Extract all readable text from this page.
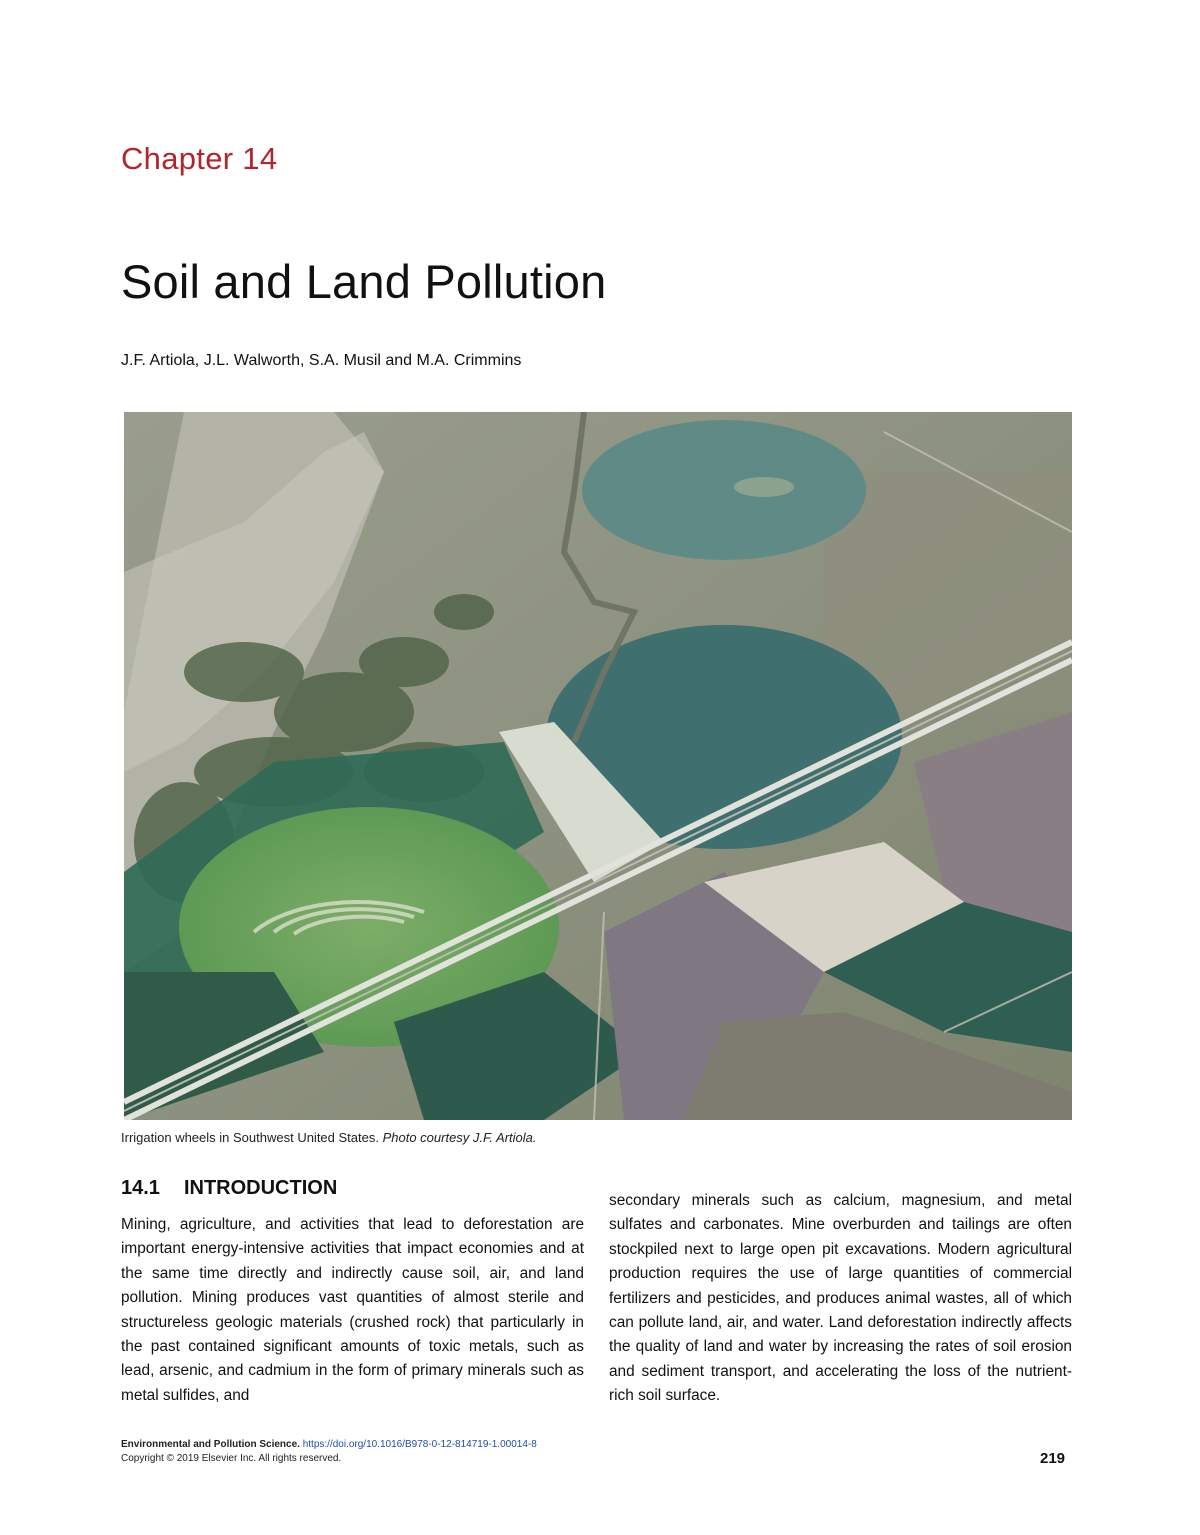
Chapter 14
Soil and Land Pollution
J.F. Artiola, J.L. Walworth, S.A. Musil and M.A. Crimmins
Irrigation wheels in Southwest United States. Photo courtesy J.F. Artiola.
14.1 INTRODUCTION

Mining, agriculture, and activities that lead to deforestation are important energy-intensive activities that impact economies and at the same time directly and indirectly cause soil, air, and land pollution. Mining produces vast quantities of almost sterile and structureless geologic materials (crushed rock) that particularly in the past contained significant amounts of toxic metals, such as lead, arsenic, and cadmium in the form of primary minerals such as metal sulfides, and

secondary minerals such as calcium, magnesium, and metal sulfates and carbonates. Mine overburden and tailings are often stockpiled next to large open pit excavations. Modern agricultural production requires the use of large quantities of commercial fertilizers and pesticides, and produces animal wastes, all of which can pollute land, air, and water. Land deforestation indirectly affects the quality of land and water by increasing the rates of soil erosion and sediment transport, and accelerating the loss of the nutrient-rich soil surface.

Environmental and Pollution Science. https://doi.org/10.1016/B978-0-12-814719-1.00014-8
Copyright © 2019 Elsevier Inc. All rights reserved.	219
